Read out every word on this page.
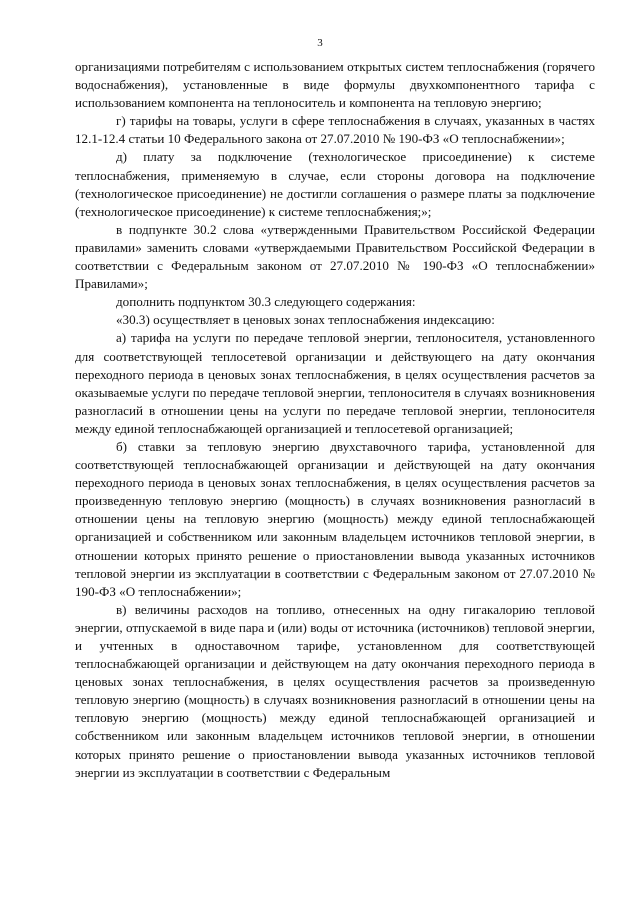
3

организациями потребителям с использованием открытых систем теплоснабжения (горячего водоснабжения), установленные в виде формулы двухкомпонентного тарифа с использованием компонента на теплоноситель и компонента на тепловую энергию;

г) тарифы на товары, услуги в сфере теплоснабжения в случаях, указанных в частях 12.1-12.4 статьи 10 Федерального закона от 27.07.2010 № 190-ФЗ «О теплоснабжении»;

д) плату за подключение (технологическое присоединение) к системе теплоснабжения, применяемую в случае, если стороны договора на подключение (технологическое присоединение) не достигли соглашения о размере платы за подключение (технологическое присоединение) к системе теплоснабжения;»;

в подпункте 30.2 слова «утвержденными Правительством Российской Федерации правилами» заменить словами «утверждаемыми Правительством Российской Федерации в соответствии с Федеральным законом от 27.07.2010 № 190-ФЗ «О теплоснабжении» Правилами»;

дополнить подпунктом 30.3 следующего содержания:

«30.3) осуществляет в ценовых зонах теплоснабжения индексацию:

а) тарифа на услуги по передаче тепловой энергии, теплоносителя, установленного для соответствующей теплосетевой организации и действующего на дату окончания переходного периода в ценовых зонах теплоснабжения, в целях осуществления расчетов за оказываемые услуги по передаче тепловой энергии, теплоносителя в случаях возникновения разногласий в отношении цены на услуги по передаче тепловой энергии, теплоносителя между единой теплоснабжающей организацией и теплосетевой организацией;

б) ставки за тепловую энергию двухставочного тарифа, установленной для соответствующей теплоснабжающей организации и действующей на дату окончания переходного периода в ценовых зонах теплоснабжения, в целях осуществления расчетов за произведенную тепловую энергию (мощность) в случаях возникновения разногласий в отношении цены на тепловую энергию (мощность) между единой теплоснабжающей организацией и собственником или законным владельцем источников тепловой энергии, в отношении которых принято решение о приостановлении вывода указанных источников тепловой энергии из эксплуатации в соответствии с Федеральным законом от 27.07.2010 № 190-ФЗ «О теплоснабжении»;

в) величины расходов на топливо, отнесенных на одну гигакалорию тепловой энергии, отпускаемой в виде пара и (или) воды от источника (источников) тепловой энергии, и учтенных в одноставочном тарифе, установленном для соответствующей теплоснабжающей организации и действующем на дату окончания переходного периода в ценовых зонах теплоснабжения, в целях осуществления расчетов за произведенную тепловую энергию (мощность) в случаях возникновения разногласий в отношении цены на тепловую энергию (мощность) между единой теплоснабжающей организацией и собственником или законным владельцем источников тепловой энергии, в отношении которых принято решение о приостановлении вывода указанных источников тепловой энергии из эксплуатации в соответствии с Федеральным
